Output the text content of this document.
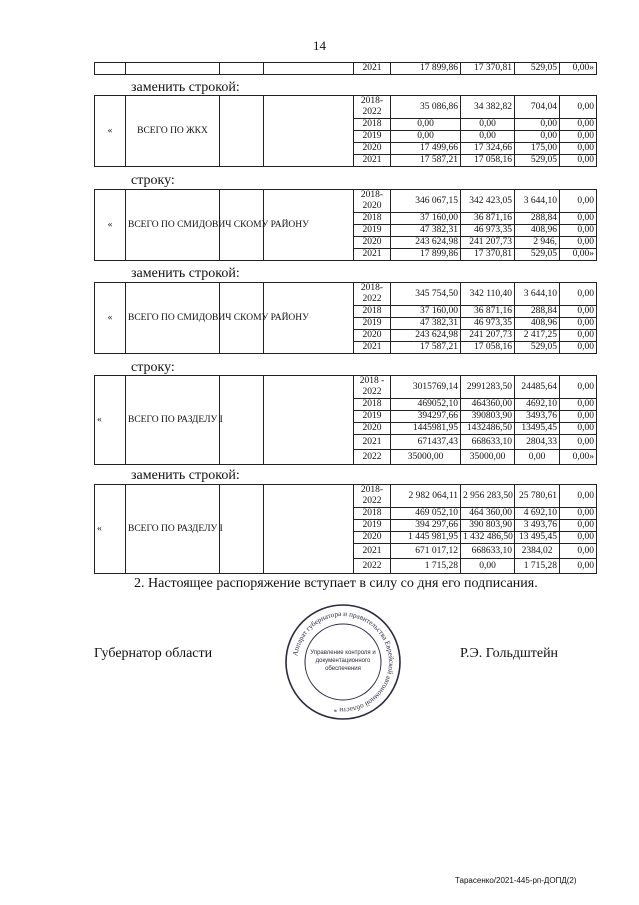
14
				2021	17 899,86	17 370,81	529,05	0,00»
заменить строкой:
«	ВСЕГО ПО ЖКХ			2018-2022	35 086,86	34 382,82	704,04	0,00
				2018	0,00	0,00	0,00	0,00
				2019	0,00	0,00	0,00	0,00
				2020	17 499,66	17 324,66	175,00	0,00
				2021	17 587,21	17 058,16	529,05	0,00
строку:
«	ВСЕГО ПО СМИДОВИЧ СКОМУ РАЙОНУ			2018-2020	346 067,15	342 423,05	3 644,10	0,00
				2018	37 160,00	36 871,16	288,84	0,00
				2019	47 382,31	46 973,35	408,96	0,00
				2020	243 624,98	241 207,73	2 946,	0,00
				2021	17 899,86	17 370,81	529,05	0,00»
заменить строкой:
«	ВСЕГО ПО СМИДОВИЧ СКОМУ РАЙОНУ			2018-2022	345 754,50	342 110,40	3 644,10	0,00
				2018	37 160,00	36 871,16	288,84	0,00
				2019	47 382,31	46 973,35	408,96	0,00
				2020	243 624,98	241 207,73	2 417,25	0,00
				2021	17 587,21	17 058,16	529,05	0,00
строку:
«	ВСЕГО ПО РАЗДЕЛУ I			2018 - 2022	3015769,14	2991283,50	24485,64	0,00
				2018	469052,10	464360,00	4692,10	0,00
				2019	394297,66	390803,90	3493,76	0,00
				2020	1445981,95	1432486,50	13495,45	0,00
				2021	671437,43	668633,10	2804,33	0,00
				2022	35000,00	35000,00	0,00	0,00»
заменить строкой:
«	ВСЕГО ПО РАЗДЕЛУ I			2018-2022	2 982 064,11	2 956 283,50	25 780,61	0,00
				2018	469 052,10	464 360,00	4 692,10	0,00
				2019	394 297,66	390 803,90	3 493,76	0,00
				2020	1 445 981,95	1 432 486,50	13 495,45	0,00
				2021	671 017,12	668633,10	2384,02	0,00
				2022	1 715,28	0,00	1 715,28	0,00
2. Настоящее распоряжение вступает в силу со дня его подписания.
Губернатор области	Р.Э. Гольдштейн
Аппарат губернатора и правительства Еврейской автономной области *
Управление контроля и
документационного
обеспечения
Тарасенко/2021-445-рп-ДОПД(2)
